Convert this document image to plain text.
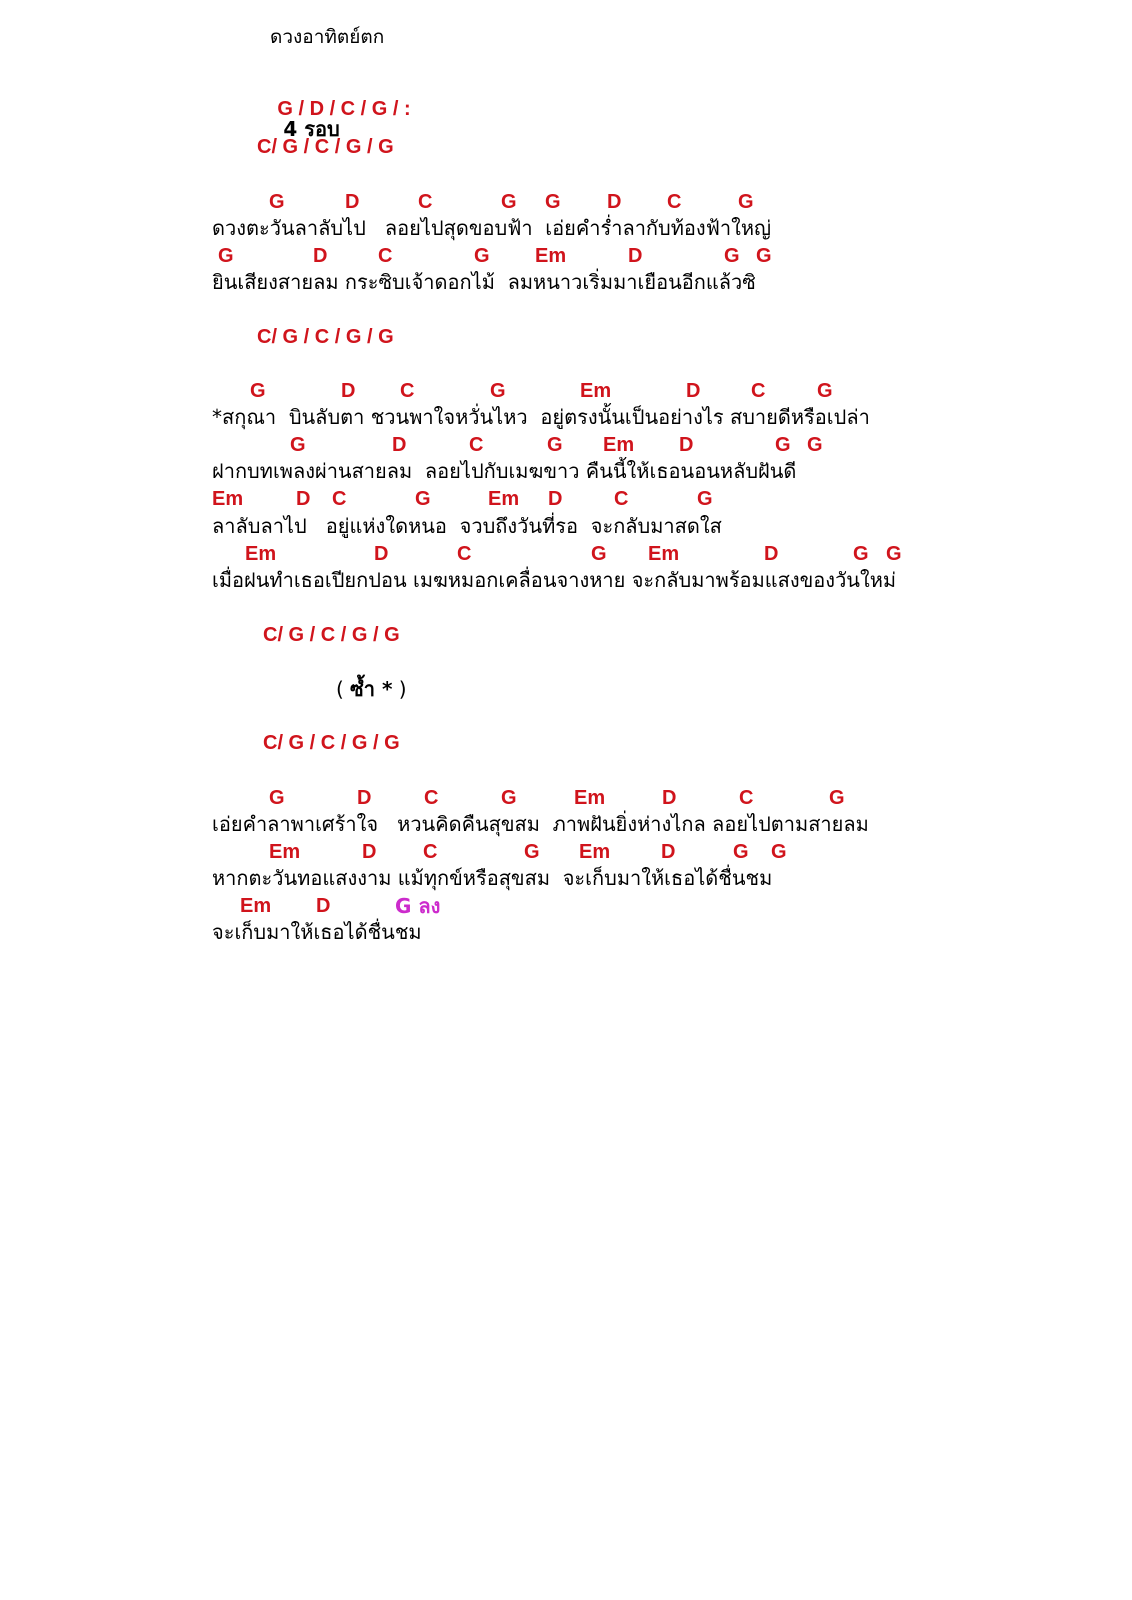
ดวงอาทิตย์ตก

G / D / C / G / :
4 รอบ

C/ G / C / G / G
G	D	C	G G D C	G
ดวงตะวันลาลับไป   ลอยไปสุดขอบฟ้า  เอ่ยคำร่ำลากับท้องฟ้าใหญ่
G	D	C	G Em	D	G G
ยินเสียงสายลม กระซิบเจ้าดอกไม้  ลมหนาวเริ่มมาเยือนอีกแล้วซิ
C/ G / C / G / G
G	D C	G	Em	D	C	G
*สกุณา  บินลับตา ชวนพาใจหวั่นไหว  อยู่ตรงนั้นเป็นอย่างไร สบายดีหรือเปล่า
G	D	C	G Em D	G G
ฝากบทเพลงผ่านสายลม  ลอยไปกับเมฆขาว คืนนี้ให้เธอนอนหลับฝันดี
Em	D C	G	Em D	C	G
ลาลับลาไป   อยู่แห่งใดหนอ  จวบถึงวันที่รอ  จะกลับมาสดใส
Em	D	C	G Em	D	G G
เมื่อฝนทำเธอเปียกปอน เมฆหมอกเคลื่อนจางหาย จะกลับมาพร้อมแสงของวันใหม่
C/ G / C / G / G
( ซ้ำ * )
C/ G / C / G / G
G	D	C	G	Em	D	C	G
เอ่ยคำลาพาเศร้าใจ   หวนคิดคืนสุขสม  ภาพฝันยิ่งห่างไกล ลอยไปตามสายลม
Em	D C	G Em	D	G G
หากตะวันทอแสงงาม แม้ทุกข์หรือสุขสม  จะเก็บมาให้เธอได้ชื่นชม
Em D	G ลง
จะเก็บมาให้เธอได้ชื่นชม
